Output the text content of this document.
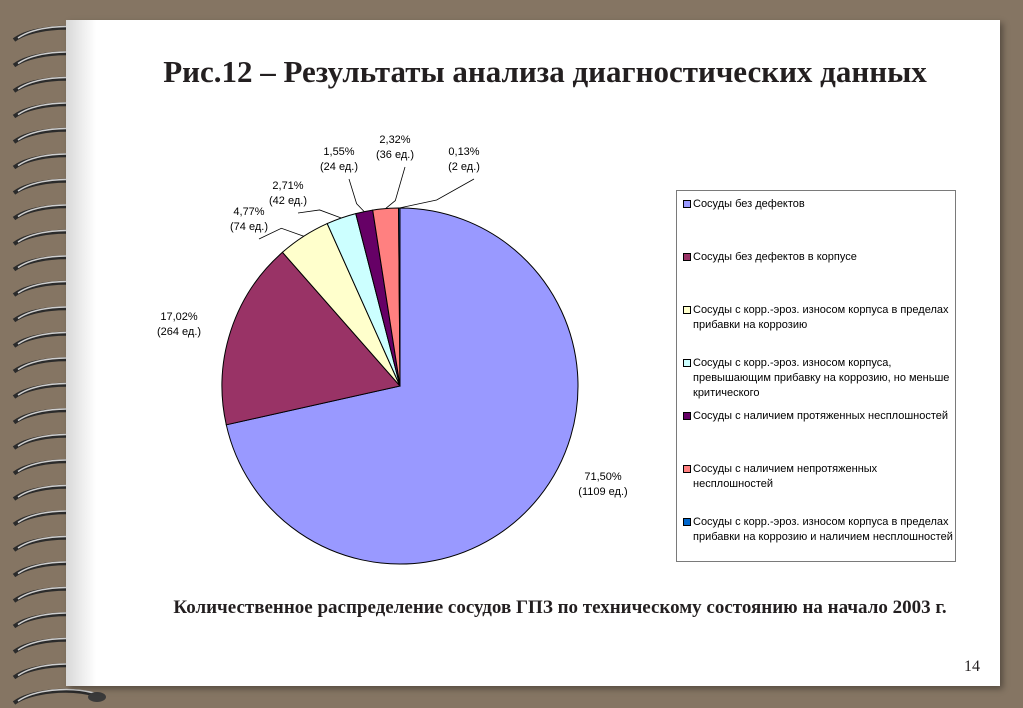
Рис.12 – Результаты анализа диагностических данных
71,50%
(1109 ед.)
17,02%
(264 ед.)
4,77%
(74 ед.)
2,71%
(42 ед.)
1,55%
(24 ед.)
2,32%
(36 ед.)	0,13%
(2 ед.)
Сосуды без дефектов
Сосуды без дефектов в корпусе
Сосуды с корр.-эроз. износом корпуса в пределах прибавки на коррозию
Сосуды с корр.-эроз. износом корпуса, превышающим прибавку на коррозию, но меньше критического
Сосуды с наличием протяженных несплошностей
Сосуды с наличием непротяженных несплошностей
Сосуды с корр.-эроз. износом корпуса в пределах прибавки на коррозию и наличием несплошностей
Количественное распределение сосудов ГПЗ по техническому состоянию на начало 2003 г.
14
